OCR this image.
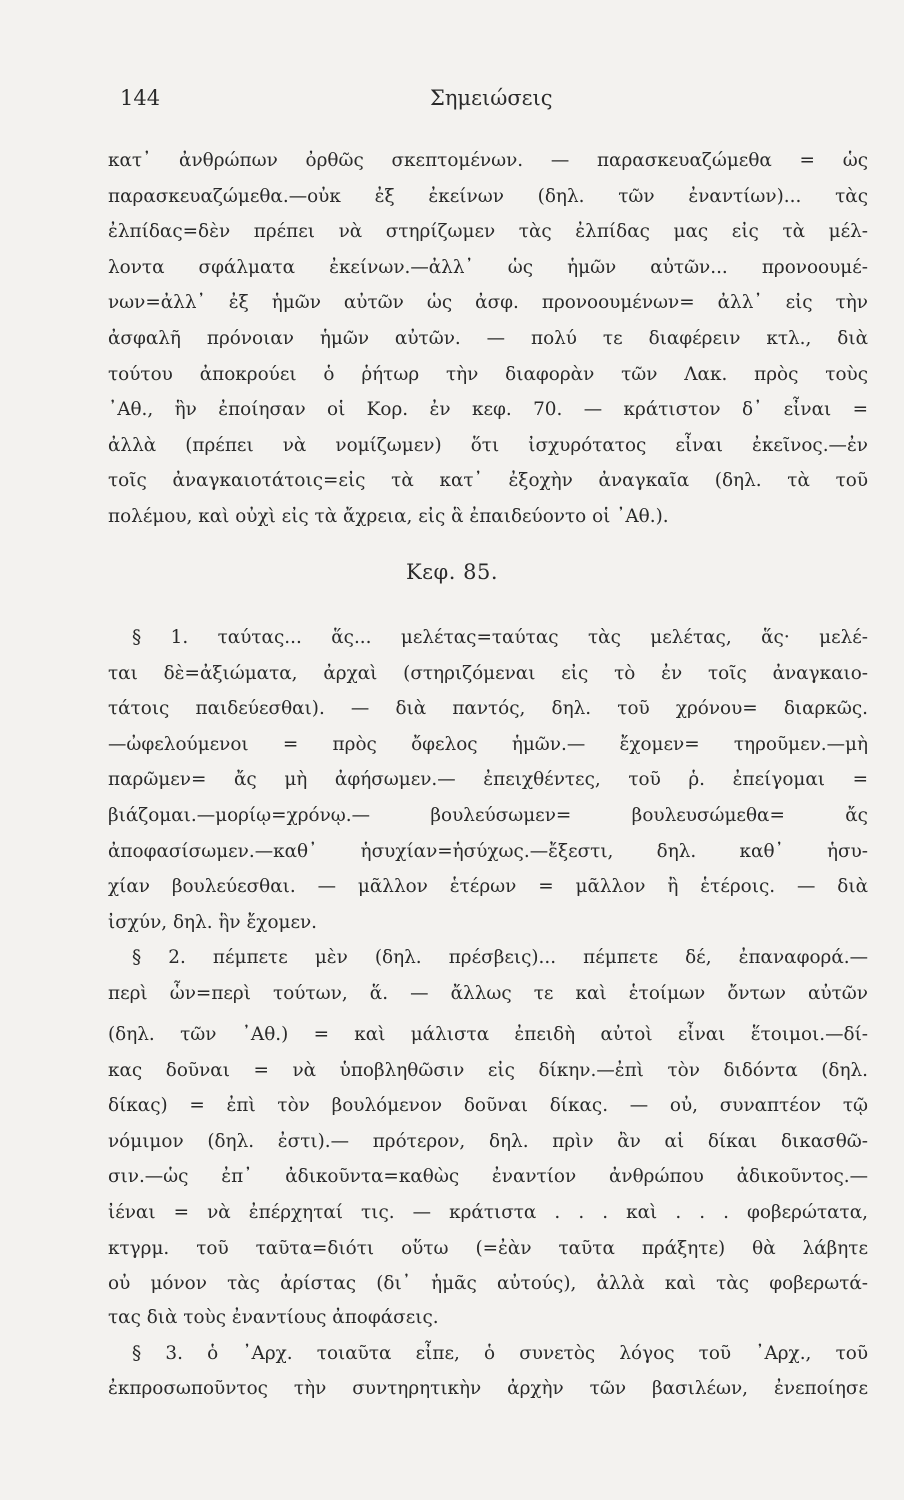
144	Σημειώσεις
κατ᾽ ἀνθρώπων ὀρθῶς σκεπτομένων. — παρασκευαζώμεθα = ὡς
παρασκευαζώμεθα.—οὐκ ἐξ ἐκείνων (δηλ. τῶν ἐναντίων)... τὰς
ἐλπίδας=δὲν πρέπει νὰ στηρίζωμεν τὰς ἐλπίδας μας εἰς τὰ μέλ-
λοντα σφάλματα ἐκείνων.—ἀλλ᾽ ὡς ἡμῶν αὐτῶν... προνοουμέ-
νων=ἀλλ᾽ ἐξ ἡμῶν αὐτῶν ὡς ἀσφ. προνοουμένων= ἀλλ᾽ εἰς τὴν
ἀσφαλῆ πρόνοιαν ἡμῶν αὐτῶν. — πολύ τε διαφέρειν κτλ., διὰ
τούτου ἀποκρούει ὁ ῥήτωρ τὴν διαφορὰν τῶν Λακ. πρὸς τοὺς
᾽Αθ., ἣν ἐποίησαν οἱ Κορ. ἐν κεφ. 70. — κράτιστον δ᾽ εἶναι =
ἀλλὰ (πρέπει νὰ νομίζωμεν) ὅτι ἰσχυρότατος εἶναι ἐκεῖνος.—ἐν
τοῖς ἀναγκαιοτάτοις=εἰς τὰ κατ᾽ ἐξοχὴν ἀναγκαῖα (δηλ. τὰ τοῦ
πολέμου, καὶ οὐχὶ εἰς τὰ ἄχρεια, εἰς ἃ ἐπαιδεύοντο οἱ ᾽Αθ.).
Κεφ. 85.
§ 1. ταύτας... ἅς... μελέτας=ταύτας τὰς μελέτας, ἅς· μελέ-
ται δὲ=ἀξιώματα, ἀρχαὶ (στηριζόμεναι εἰς τὸ ἐν τοῖς ἀναγκαιο-
τάτοις παιδεύεσθαι). — διὰ παντός, δηλ. τοῦ χρόνου= διαρκῶς.
—ὠφελούμενοι = πρὸς ὄφελος ἡμῶν.— ἔχομεν= τηροῦμεν.—μὴ
παρῶμεν= ἄς μὴ ἀφήσωμεν.— ἐπειχθέντες, τοῦ ῥ. ἐπείγομαι =
βιάζομαι.—μορίῳ=χρόνῳ.— βουλεύσωμεν= βουλευσώμεθα= ἄς
ἀποφασίσωμεν.—καθ᾽ ἡσυχίαν=ἡσύχως.—ἔξεστι, δηλ. καθ᾽ ἡσυ-
χίαν βουλεύεσθαι. — μᾶλλον ἑτέρων = μᾶλλον ἢ ἑτέροις. — διὰ
ἰσχύν, δηλ. ἣν ἔχομεν.
§ 2. πέμπετε μὲν (δηλ. πρέσβεις)... πέμπετε δέ, ἐπαναφορά.—
περὶ ὧν=περὶ τούτων, ἅ. — ἄλλως τε καὶ ἑτοίμων ὄντων αὐτῶν
(δηλ. τῶν ᾽Αθ.) = καὶ μάλιστα ἐπειδὴ αὐτοὶ εἶναι ἕτοιμοι.—δί-
κας δοῦναι = νὰ ὑποβληθῶσιν εἰς δίκην.—ἐπὶ τὸν διδόντα (δηλ.
δίκας) = ἐπὶ τὸν βουλόμενον δοῦναι δίκας. — οὐ, συναπτέον τῷ
νόμιμον (δηλ. ἐστι).— πρότερον, δηλ. πρὶν ἂν αἱ δίκαι δικασθῶ-
σιν.—ὡς ἐπ᾽ ἀδικοῦντα=καθὼς ἐναντίον ἀνθρώπου ἀδικοῦντος.—
ἰέναι = νὰ ἐπέρχηταί τις. — κράτιστα . . . καὶ . . . φοβερώτατα,
κτγρμ. τοῦ ταῦτα=διότι οὕτω (=ἐὰν ταῦτα πράξητε) θὰ λάβητε
οὐ μόνον τὰς ἀρίστας (δι᾽ ἡμᾶς αὐτούς), ἀλλὰ καὶ τὰς φοβερωτά-
τας διὰ τοὺς ἐναντίους ἀποφάσεις.
§ 3. ὁ ᾽Αρχ. τοιαῦτα εἶπε, ὁ συνετὸς λόγος τοῦ ᾽Αρχ., τοῦ
ἐκπροσωποῦντος τὴν συντηρητικὴν ἀρχὴν τῶν βασιλέων, ἐνεποίησε
